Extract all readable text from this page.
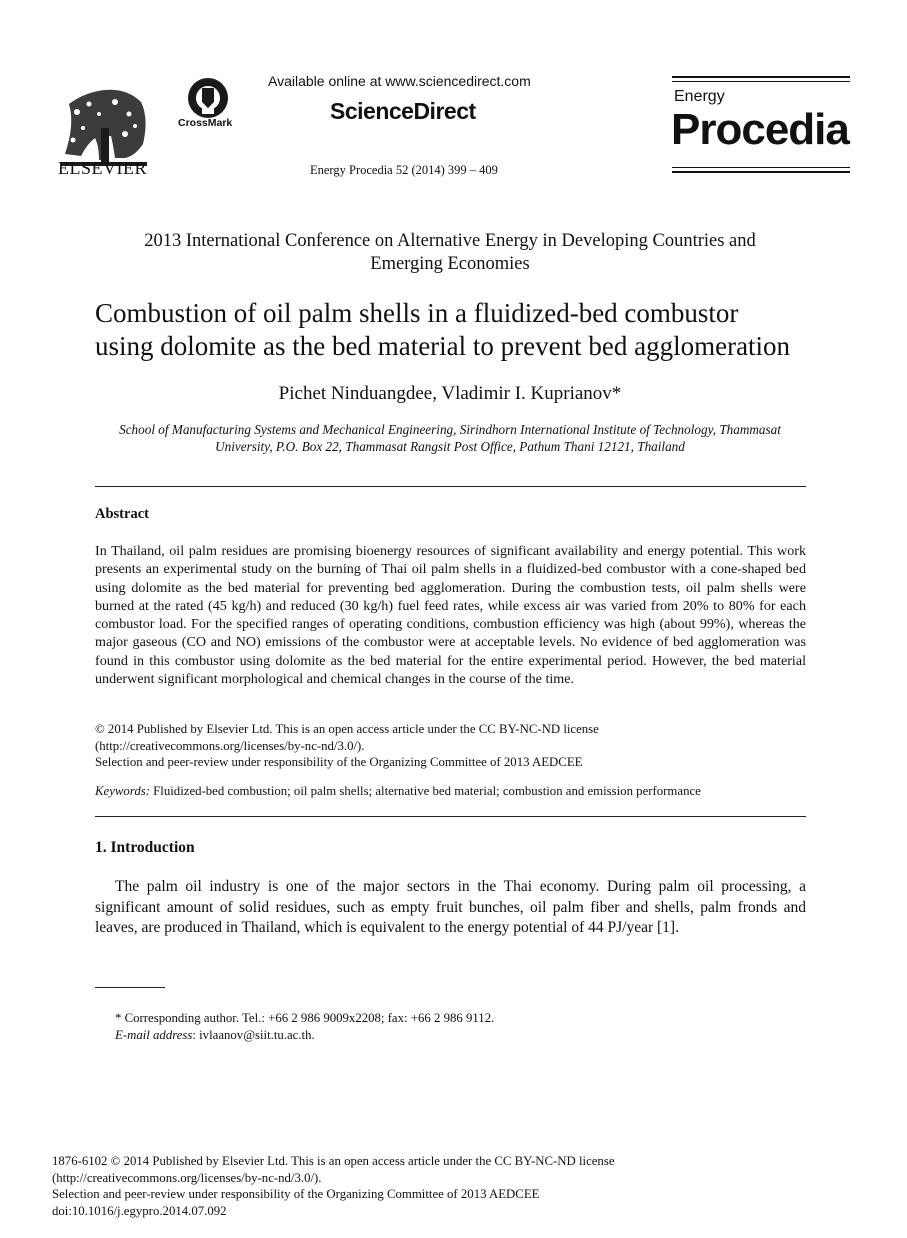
ELSEVIER
CrossMark
Available online at www.sciencedirect.com
ScienceDirect
Energy Procedia 52 (2014) 399 – 409
Energy
Procedia
2013 International Conference on Alternative Energy in Developing Countries and
Emerging Economies
Combustion of oil palm shells in a fluidized-bed combustor
using dolomite as the bed material to prevent bed agglomeration
Pichet Ninduangdee, Vladimir I. Kuprianov*
School of Manufacturing Systems and Mechanical Engineering, Sirindhorn International Institute of Technology, Thammasat
University, P.O. Box 22, Thammasat Rangsit Post Office, Pathum Thani 12121, Thailand
Abstract
In Thailand, oil palm residues are promising bioenergy resources of significant availability and energy potential. This work presents an experimental study on the burning of Thai oil palm shells in a fluidized-bed combustor with a cone-shaped bed using dolomite as the bed material for preventing bed agglomeration. During the combustion tests, oil palm shells were burned at the rated (45 kg/h) and reduced (30 kg/h) fuel feed rates, while excess air was varied from 20% to 80% for each combustor load. For the specified ranges of operating conditions, combustion efficiency was high (about 99%), whereas the major gaseous (CO and NO) emissions of the combustor were at acceptable levels. No evidence of bed agglomeration was found in this combustor using dolomite as the bed material for the entire experimental period. However, the bed material underwent significant morphological and chemical changes in the course of the time.
© 2014 Published by Elsevier Ltd. This is an open access article under the CC BY-NC-ND license
(http://creativecommons.org/licenses/by-nc-nd/3.0/).
Selection and peer-review under responsibility of the Organizing Committee of 2013 AEDCEE
Keywords: Fluidized-bed combustion; oil palm shells; alternative bed material; combustion and emission performance
1. Introduction

The palm oil industry is one of the major sectors in the Thai economy. During palm oil processing, a significant amount of solid residues, such as empty fruit bunches, oil palm fiber and shells, palm fronds and leaves, are produced in Thailand, which is equivalent to the energy potential of 44 PJ/year [1].

* Corresponding author. Tel.: +66 2 986 9009x2208; fax: +66 2 986 9112.
E-mail address: ivlaanov@siit.tu.ac.th.
1876-6102 © 2014 Published by Elsevier Ltd. This is an open access article under the CC BY-NC-ND license
(http://creativecommons.org/licenses/by-nc-nd/3.0/).
Selection and peer-review under responsibility of the Organizing Committee of 2013 AEDCEE
doi:10.1016/j.egypro.2014.07.092
